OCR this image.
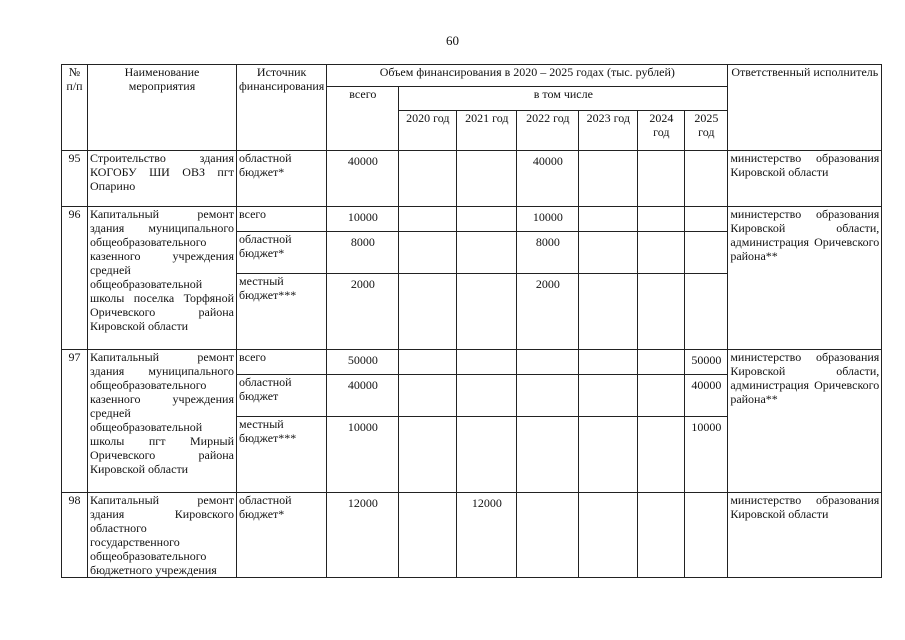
60
№ п/п	Наименование мероприятия	Источник финансирования	Объем финансирования в 2020 – 2025 годах (тыс. рублей)							Ответственный исполнитель
			всего	в том числе						
				2020 год	2021 год	2022 год	2023 год	2024 год	2025 год	
95	Строительство здания КОГОБУ ШИ ОВЗ пгт Опарино	областной бюджет*	40000			40000				министерство образования Кировской области
96	Капитальный ремонт здания муниципального общеобразовательного казенного учреждения средней общеобразовательной школы поселка Торфяной Оричевского района Кировской области	всего	10000			10000				министерство образования Кировской области, администрация Оричевского района**
		областной бюджет*	8000			8000				
		местный бюджет***	2000			2000				
97	Капитальный ремонт здания муниципального общеобразовательного казенного учреждения средней общеобразовательной школы пгт Мирный Оричевского района Кировской области	всего	50000						50000	министерство образования Кировской области, администрация Оричевского района**
		областной бюджет	40000						40000	
		местный бюджет***	10000						10000	
98	Капитальный ремонт здания Кировского областного государственного общеобразовательного бюджетного учреждения	областной бюджет*	12000		12000					министерство образования Кировской области
